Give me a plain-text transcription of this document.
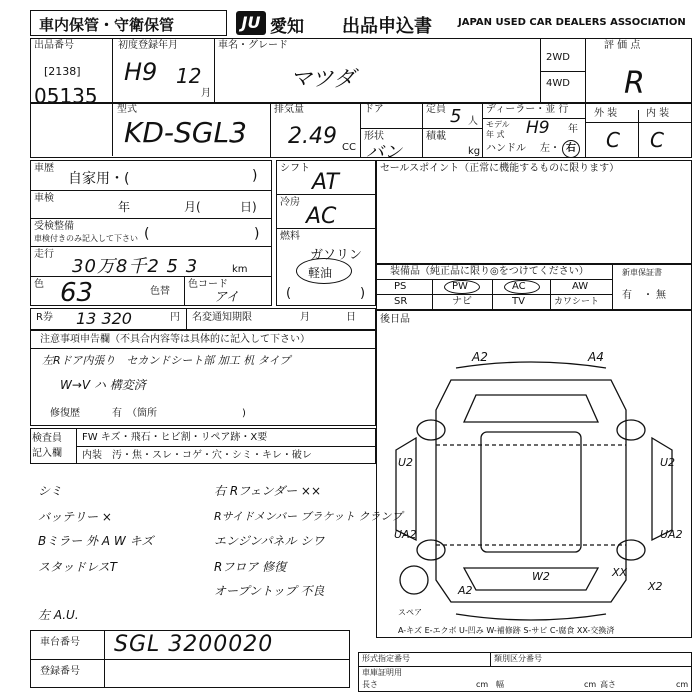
車内保管・守衛保管	JU 愛知 出品申込書	JAPAN USED CAR DEALERS ASSOCIATION
出品番号
[2138]
05135
初度登録年月
H9 12
月
車名・グレード
マツダ
2WD
4WD
評 価 点
R
型式
KD-SGL3
排気量
2.49 CC
ドア
形状
バン
定員 5 人
積載
kg
ディーラー・並 行
モデル
年 式	H9 年
ハンドル 左・ 右
外 装	内 装
C C
車歴
自家用・(	)
車検
年	月(	日)
受検整備
車検付きのみ記入して下さい (	)
走行
30万8千2 5 3	km
色 63	色替
色コード
アイ
シフト
AT
冷房
AC
燃料
ガソリン
軽油
(	)
セールスポイント（正常に機能するものに限ります）
装備品（純正品に限り◎をつけてください）
PS	PW	AC	AW
SR	ナビ	TV	カワシート
新車保証書
有 ・ 無
R券 13 320	円 名変通知期限	月	日
注意事項申告欄（不具合内容等は具体的に記入して下さい）
左Rドア内張り　セカンドシート部 加工 机 タイプ
W→V ハ 構変済
修復歴	有　（箇所	)
検査員
記入欄
FW キズ・飛石・ヒビ割・リペア跡・X要
内装 汚・焦・スレ・コゲ・穴・シミ・キレ・破レ
後日品
A2	A4
U2	U2
UA2	UA2
W2
A2
XX
X2
スペア
A-キズ E-エクボ U-凹み W-補修跡 S-サビ C-腐食 XX-交換済
シミ
バッテリー ×
Bミラー 外 A W キズ
スタッドレスT
左 A.U.
右 Rフェンダー ××
Rサイドメンバー ブラケット クランプ
エンジンパネル シワ
Rフロア 修復
オープントップ 不良
車台番号 SGL 3200020
登録番号
形式指定番号	類別区分番号
車庫証明用
長さ	cm 幅	cm 高さ	cm
